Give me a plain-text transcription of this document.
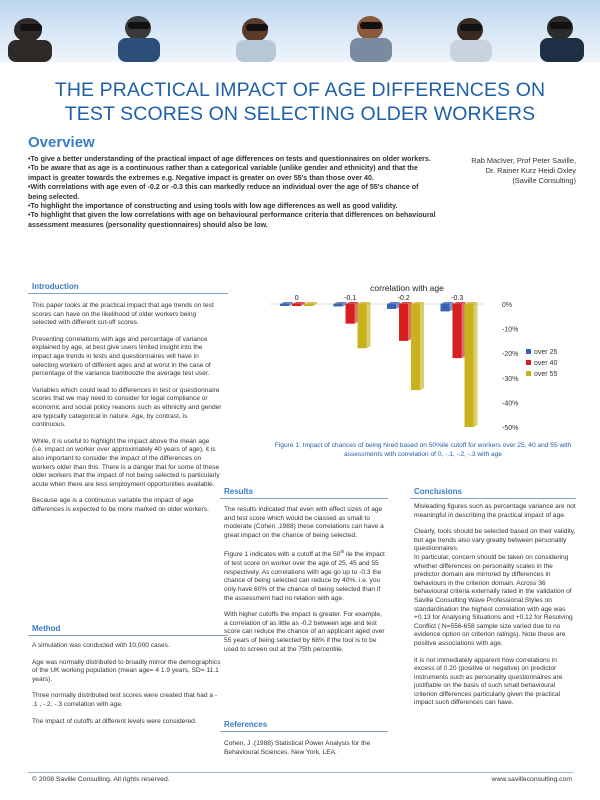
THE PRACTICAL IMPACT OF AGE DIFFERENCES ON
TEST SCORES ON SELECTING OLDER WORKERS
Overview
•To give a better understanding of the practical impact of age differences on tests and questionnaires on older workers.
•To be aware that as age is a continuous rather than a categorical variable (unlike gender and ethnicity) and that the impact is greater towards the extremes e.g. Negative impact is greater on over 55's than those over 40.
•With correlations with age even of -0.2 or -0.3 this can markedly reduce an individual over the age of 55's chance of being selected.
•To highlight the importance of constructing and using tools with low age differences as well as good validity.
•To highlight that given the low correlations with age on behavioural performance criteria that differences on behavioural assessment measures (personality questionnaires) should also be low.
Rab MacIver, Prof Peter Saville,
Dr. Rainer Kurz Heidi Oxley
(Saville Consulting)
Introduction

This paper looks at the practical impact that age trends on test scores can have on the likelihood of older workers being selected with different cut-off scores.

Presenting correlations with age and percentage of variance explained by age, at best give users limited insight into the impact age trends in tests and questionnaires will have in selecting workers of different ages and at worst in the case of percentage of the variance bamboozle the average test user.

Variables which could lead to differences in test or questionnaire scores that we may need to consider for legal compliance or economic and social policy reasons such as ethnicity and gender are typically categorical in nature. Age, by contrast, is continuous.

While, it is useful to highlight the impact above the mean age (i.e. impact on worker over approximately 40 years of age), it is also important to consider the impact of the differences on workers older than this. There is a danger that for some of these older workers that the impact of not being selected is particularly acute when there are less employment opportunities available.

Because age is a continuous variable the impact of age differences is expected to be more marked on older workers.

Method

A simulation was conducted with 10,000 cases.

Age was normally distributed to broadly mirror the demographics of the UK working population (mean age= 4 1.9 years, SD= 11.1 years).

Three normally distributed test scores were created that had a - .1 , -.2, -.3 correlation with age.

The impact of cutoffs at different levels were considered.

correlation with age
0%
-10%
-20%
-30%
-40%
-50%
0	-0.1	-0.2	-0.3
over 25
over 40
over 55
Figure 1: Impact of chances of being hired based on 50%ile cutoff for workers over 25, 40 and 55 with assessments with correlation of 0, -.1, -.2, -.3 with age
Results

The results indicated that even with effect sizes of age and test score which would be classed as small to moderate (Cohen ,1988) these correlations can have a great impact on the chance of being selected.

Figure 1 indicates with a cutoff at the 50th ile the impact of test score on worker over the age of 25, 45 and 55 respectively. As correlations with age go up to -0.3 the chance of being selected can reduce by 40%. i.e. you only have 60% of the chance of being selected than if the assessment had no relation with age.

With higher cutoffs the impact is greater. For example, a correlation of as little as -0.2 between age and test score can reduce the chance of an applicant aged over 55 years of being selected by 68% if the tool is to be used to screen out at the 75th percentile.

References
Cohen, J .(1988) Statistical Power Analysis for the Behavioural Sciences. New York, LEA.
Conclusions

Misleading figures such as percentage variance are not meaningful in describing the practical impact of age.

Clearly, tools should be selected based on their validity, but age trends also vary greatly between personality questionnaires.
In particular, concern should be taken on considering whether differences on personality scales in the predictor domain are mirrored by differences in behaviours in the criterion domain. Across 36 behavioural criteria externally rated in the validation of Saville Consulting Wave Professional Styles on standardisation the highest correlation with age was +0.13 for Analysing Situations and +0.12 for Resolving Conflict ( N=556-658 sample size varied due to no evidence option on criterion ratings). Note these are positive associations with age.

It is not immediately apparent how correlations in excess of 0.20 (positive or negative) on predictor instruments such as personality questionnaires are justifiable on the basis of such small behavioural criterion differences particularly given the practical impact such differences can have.

© 2008 Saville Consulting. All rights reserved.	www.savilleconsulting.com
